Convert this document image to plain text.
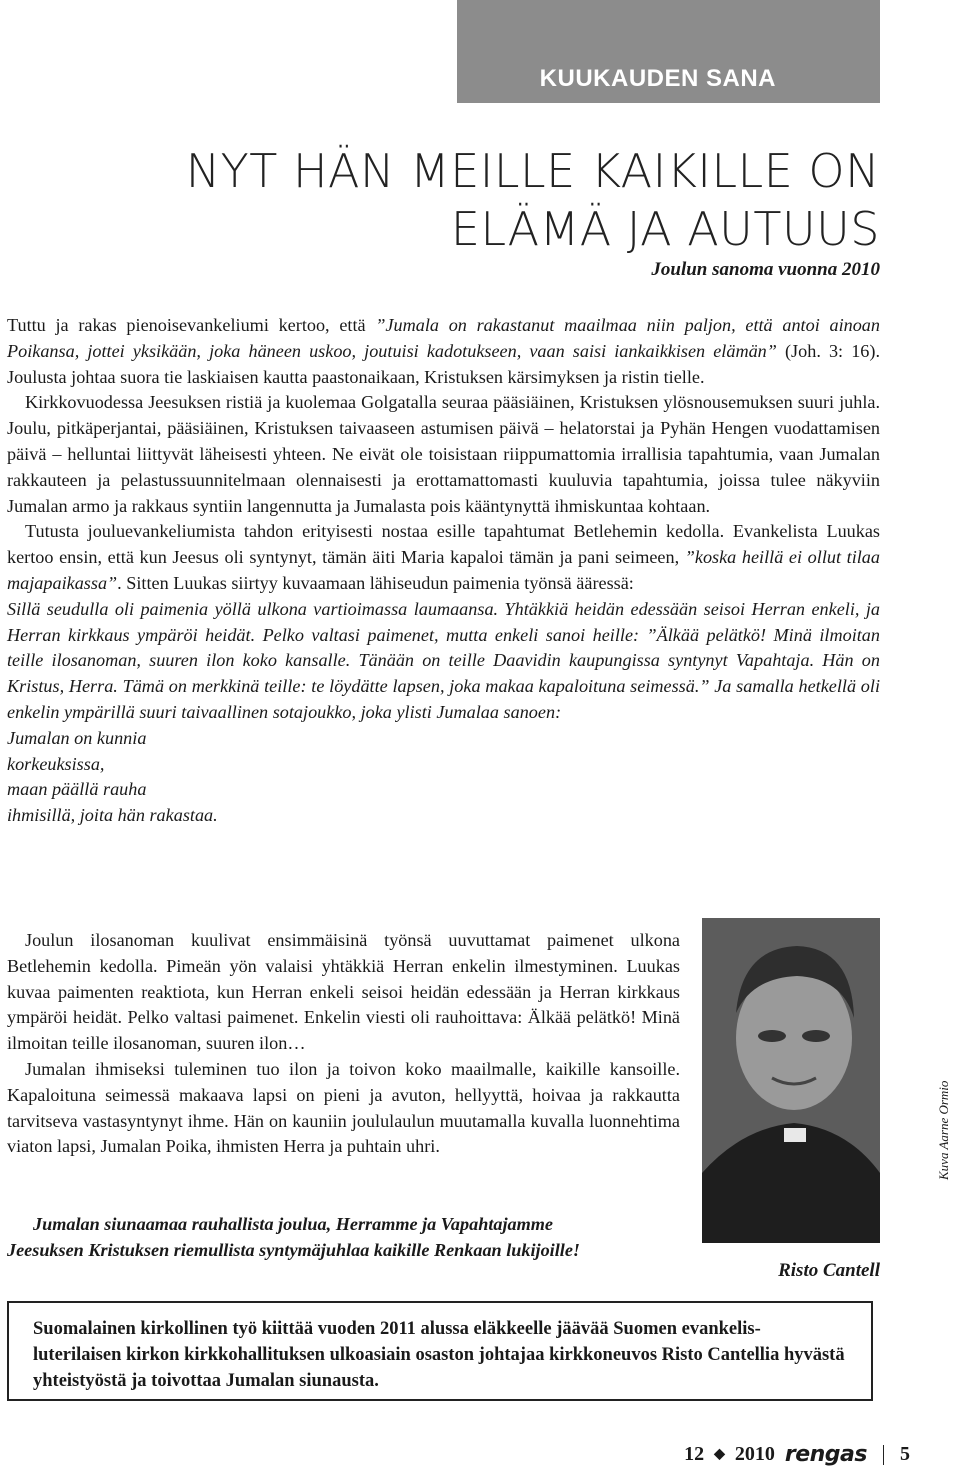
KUUKAUDEN SANA
NYT HÄN MEILLE KAIKILLE ON
ELÄMÄ JA AUTUUS
Joulun sanoma vuonna 2010

Tuttu ja rakas pienoisevankeliumi kertoo, että ”Jumala on rakastanut maailmaa niin paljon, että antoi ainoan Poikansa, jottei yksikään, joka häneen uskoo, joutuisi kadotukseen, vaan saisi iankaikkisen elämän” (Joh. 3: 16). Joulusta johtaa suora tie laskiaisen kautta paastonaikaan, Kristuksen kärsimyksen ja ristin tielle.

Kirkkovuodessa Jeesuksen ristiä ja kuolemaa Golgatalla seuraa pääsiäinen, Kristuksen ylösnousemuksen suuri juhla. Joulu, pitkäperjantai, pääsiäinen, Kristuksen taivaaseen astumisen päivä – helatorstai ja Pyhän Hengen vuodattamisen päivä – helluntai liittyvät läheisesti yhteen. Ne eivät ole toisistaan riippumattomia irrallisia tapahtumia, vaan Jumalan rakkauteen ja pelastussuunnitelmaan olennaisesti ja erottamattomasti kuuluvia tapahtumia, joissa tulee näkyviin Jumalan armo ja rakkaus syntiin langennutta ja Jumalasta pois kääntynyttä ihmiskuntaa kohtaan.

Tutusta jouluevankeliumista tahdon erityisesti nostaa esille tapahtumat Betlehemin kedolla. Evankelista Luukas kertoo ensin, että kun Jeesus oli syntynyt, tämän äiti Maria kapaloi tämän ja pani seimeen, ”koska heillä ei ollut tilaa majapaikassa”. Sitten Luukas siirtyy kuvaamaan lähiseudun paimenia työnsä ääressä:

Sillä seudulla oli paimenia yöllä ulkona vartioimassa laumaansa. Yhtäkkiä heidän edessään seisoi Herran enkeli, ja Herran kirkkaus ympäröi heidät. Pelko valtasi paimenet, mutta enkeli sanoi heille: ”Älkää pelätkö! Minä ilmoitan teille ilosanoman, suuren ilon koko kansalle. Tänään on teille Daavidin kaupungissa syntynyt Vapahtaja. Hän on Kristus, Herra. Tämä on merkkinä teille: te löydätte lapsen, joka makaa kapaloituna seimessä.” Ja samalla hetkellä oli enkelin ympärillä suuri taivaallinen sotajoukko, joka ylisti Jumalaa sanoen:

Jumalan on kunnia
korkeuksissa,
maan päällä rauha
ihmisillä, joita hän rakastaa.

Joulun ilosanoman kuulivat ensimmäisinä työnsä uuvuttamat paimenet ulkona Betlehemin kedolla. Pimeän yön valaisi yhtäkkiä Herran enkelin ilmestyminen. Luukas kuvaa paimenten reaktiota, kun Herran enkeli seisoi heidän edessään ja Herran kirkkaus ympäröi heidät. Pelko valtasi paimenet. Enkelin viesti oli rauhoittava: Älkää pelätkö! Minä ilmoitan teille ilosanoman, suuren ilon…

Jumalan ihmiseksi tuleminen tuo ilon ja toivon koko maailmalle, kaikille kansoille. Kapaloituna seimessä makaava lapsi on pieni ja avuton, hellyyttä, hoivaa ja rakkautta tarvitseva vastasyntynyt ihme. Hän on kauniin joululaulun muutamalla kuvalla luonnehtima viaton lapsi, Jumalan Poika, ihmisten Herra ja puhtain uhri.

Jumalan siunaamaa rauhallista joulua, Herramme ja Vapahtajamme
Jeesuksen Kristuksen riemullista syntymäjuhlaa kaikille Renkaan lukijoille!
Risto Cantell
Kuva Aarne Ormio
Suomalainen kirkollinen työ kiittää vuoden 2011 alussa eläkkeelle jäävää Suomen evankelis-luterilaisen kirkon kirkkohallituksen ulkoasiain osaston johtajaa kirkkoneuvos Risto Cantellia hyvästä yhteistyöstä ja toivottaa Jumalan siunausta.
12 ◆ 2010 rengas 5
